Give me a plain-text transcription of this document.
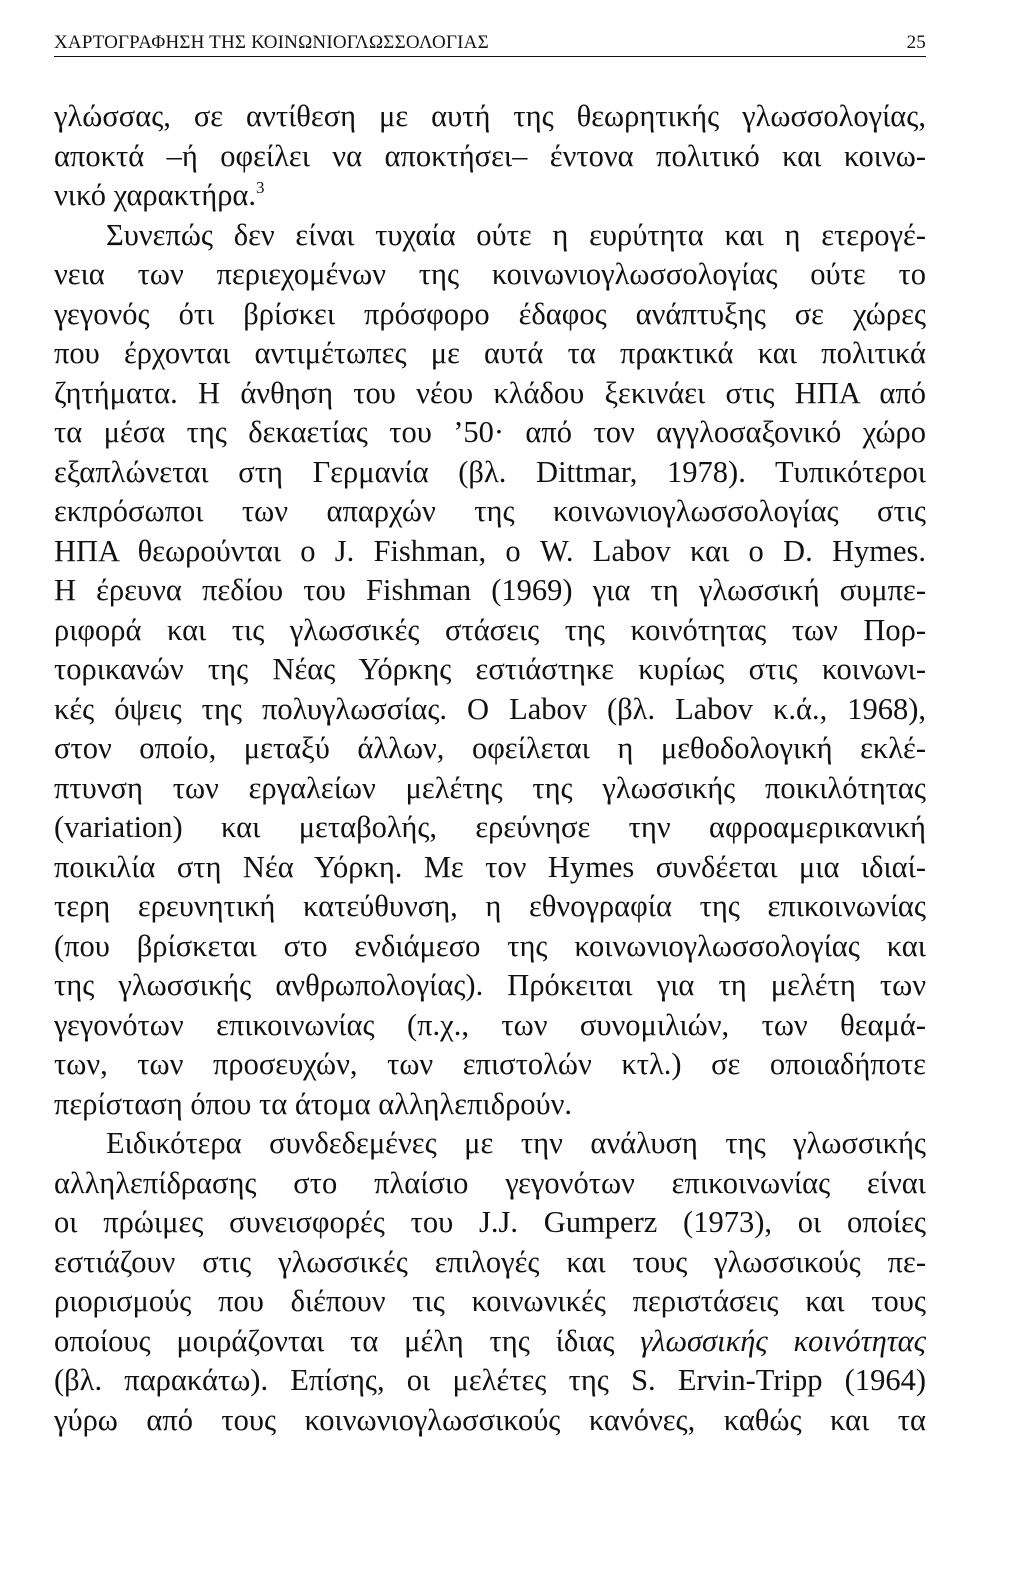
ΧΑΡΤΟΓΡΑΦΗΣΗ ΤΗΣ ΚΟΙΝΩΝΙΟΓΛΩΣΣΟΛΟΓΙΑΣ	25
γλώσσας, σε αντίθεση με αυτή της θεωρητικής γλωσσολογίας,
αποκτά –ή οφείλει να αποκτήσει– έντονα πολιτικό και κοινω-
νικό χαρακτήρα.$^3$
Συνεπώς δεν είναι τυχαία ούτε η ευρύτητα και η ετερογέ-
νεια των περιεχομένων της κοινωνιογλωσσολογίας ούτε το
γεγονός ότι βρίσκει πρόσφορο έδαφος ανάπτυξης σε χώρες
που έρχονται αντιμέτωπες με αυτά τα πρακτικά και πολιτικά
ζητήματα. Η άνθηση του νέου κλάδου ξεκινάει στις ΗΠΑ από
τα μέσα της δεκαετίας του ’50· από τον αγγλοσαξονικό χώρο
εξαπλώνεται στη Γερμανία (βλ. Dittmar, 1978). Τυπικότεροι
εκπρόσωποι των απαρχών της κοινωνιογλωσσολογίας στις
ΗΠΑ θεωρούνται ο J. Fishman, ο W. Labov και ο D. Hymes.
Η έρευνα πεδίου του Fishman (1969) για τη γλωσσική συμπε-
ριφορά και τις γλωσσικές στάσεις της κοινότητας των Πορ-
τορικανών της Νέας Υόρκης εστιάστηκε κυρίως στις κοινωνι-
κές όψεις της πολυγλωσσίας. Ο Labov (βλ. Labov κ.ά., 1968),
στον οποίο, μεταξύ άλλων, οφείλεται η μεθοδολογική εκλέ-
πτυνση των εργαλείων μελέτης της γλωσσικής ποικιλότητας
(variation) και μεταβολής, ερεύνησε την αφροαμερικανική
ποικιλία στη Νέα Υόρκη. Με τον Hymes συνδέεται μια ιδιαί-
τερη ερευνητική κατεύθυνση, η εθνογραφία της επικοινωνίας
(που βρίσκεται στο ενδιάμεσο της κοινωνιογλωσσολογίας και
της γλωσσικής ανθρωπολογίας). Πρόκειται για τη μελέτη των
γεγονότων επικοινωνίας (π.χ., των συνομιλιών, των θεαμά-
των, των προσευχών, των επιστολών κτλ.) σε οποιαδήποτε
περίσταση όπου τα άτομα αλληλεπιδρούν.
Ειδικότερα συνδεδεμένες με την ανάλυση της γλωσσικής
αλληλεπίδρασης στο πλαίσιο γεγονότων επικοινωνίας είναι
οι πρώιμες συνεισφορές του J.J. Gumperz (1973), οι οποίες
εστιάζουν στις γλωσσικές επιλογές και τους γλωσσικούς πε-
ριορισμούς που διέπουν τις κοινωνικές περιστάσεις και τους
οποίους μοιράζονται τα μέλη της ίδιας γλωσσικής κοινότητας
(βλ. παρακάτω). Επίσης, οι μελέτες της S. Ervin-Tripp (1964)
γύρω από τους κοινωνιογλωσσικούς κανόνες, καθώς και τα
